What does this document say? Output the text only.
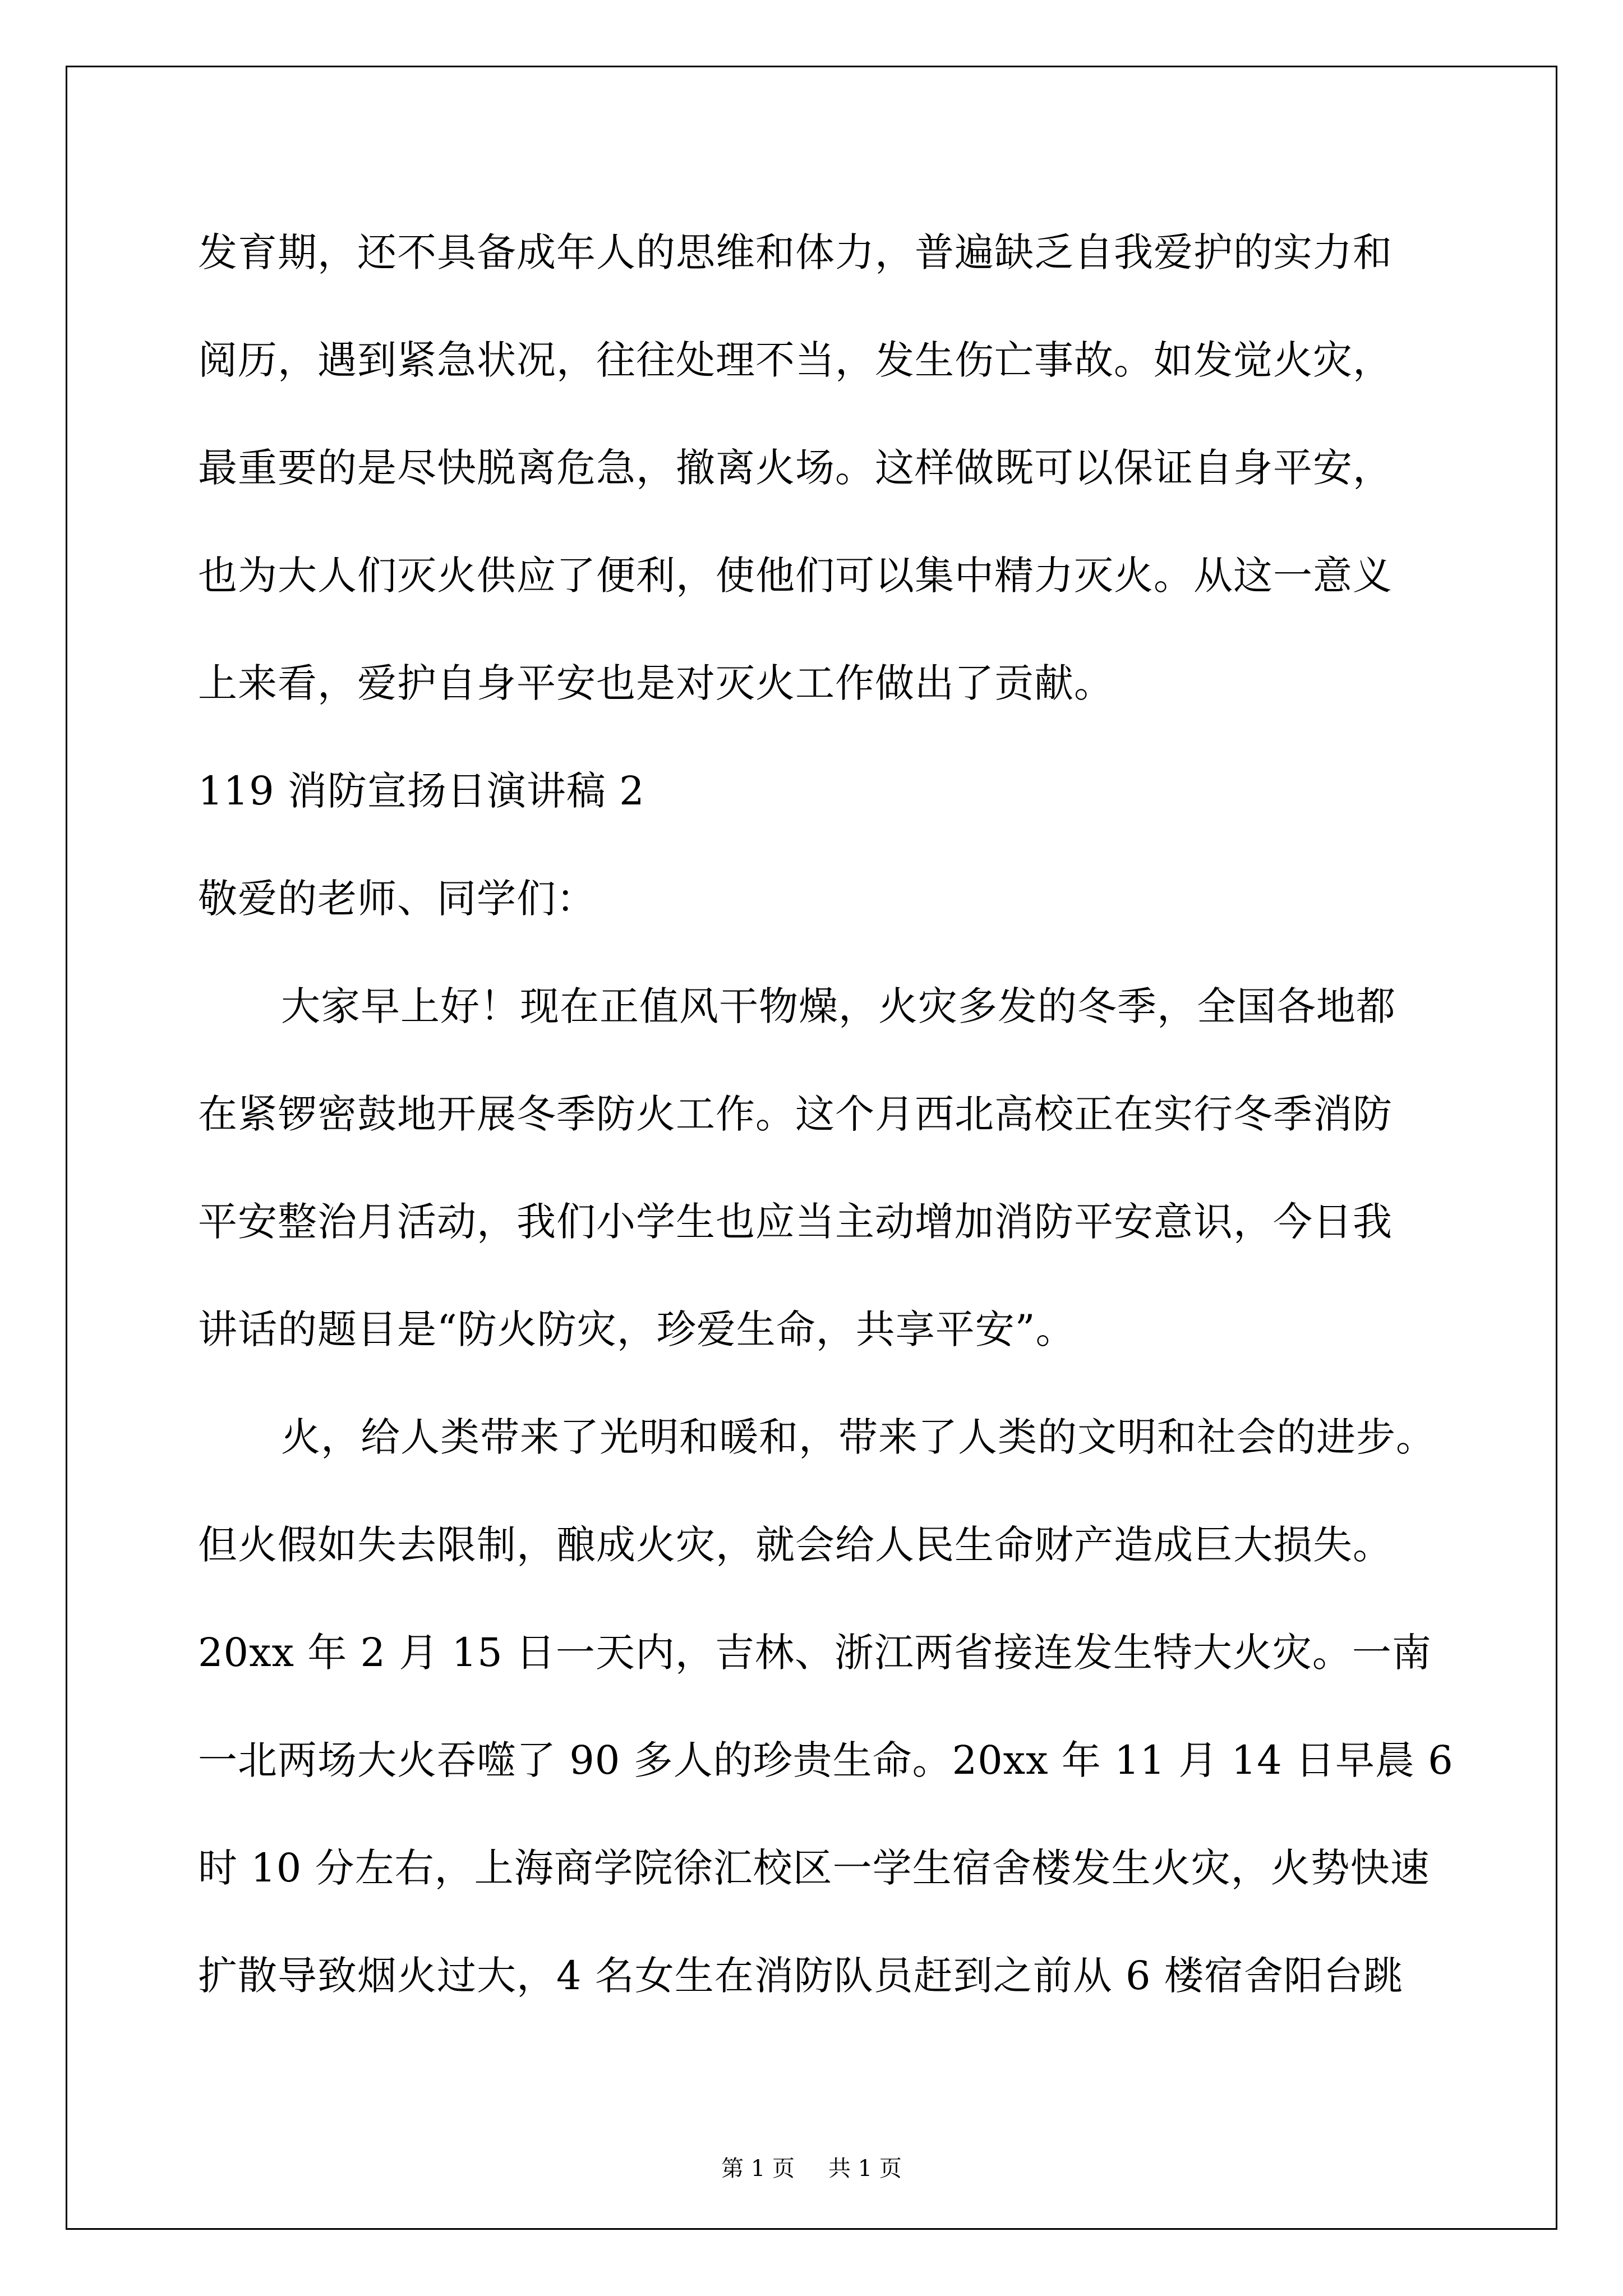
发育期，还不具备成年人的思维和体力，普遍缺乏自我爱护的实力和
阅历，遇到紧急状况，往往处理不当，发生伤亡事故。如发觉火灾，
最重要的是尽快脱离危急，撤离火场。这样做既可以保证自身平安，
也为大人们灭火供应了便利，使他们可以集中精力灭火。从这一意义
上来看，爱护自身平安也是对灭火工作做出了贡献。
119 消防宣扬日演讲稿 2
敬爱的老师、同学们：
大家早上好！现在正值风干物燥，火灾多发的冬季，全国各地都
在紧锣密鼓地开展冬季防火工作。这个月西北高校正在实行冬季消防
平安整治月活动，我们小学生也应当主动增加消防平安意识，今日我
讲话的题目是“防火防灾，珍爱生命，共享平安”。
火，给人类带来了光明和暖和，带来了人类的文明和社会的进步。
但火假如失去限制，酿成火灾，就会给人民生命财产造成巨大损失。
20xx 年 2 月 15 日一天内，吉林、浙江两省接连发生特大火灾。一南
一北两场大火吞噬了 90 多人的珍贵生命。20xx 年 11 月 14 日早晨 6
时 10 分左右，上海商学院徐汇校区一学生宿舍楼发生火灾，火势快速
扩散导致烟火过大，4 名女生在消防队员赶到之前从 6 楼宿舍阳台跳
第 1 页 共 1 页
